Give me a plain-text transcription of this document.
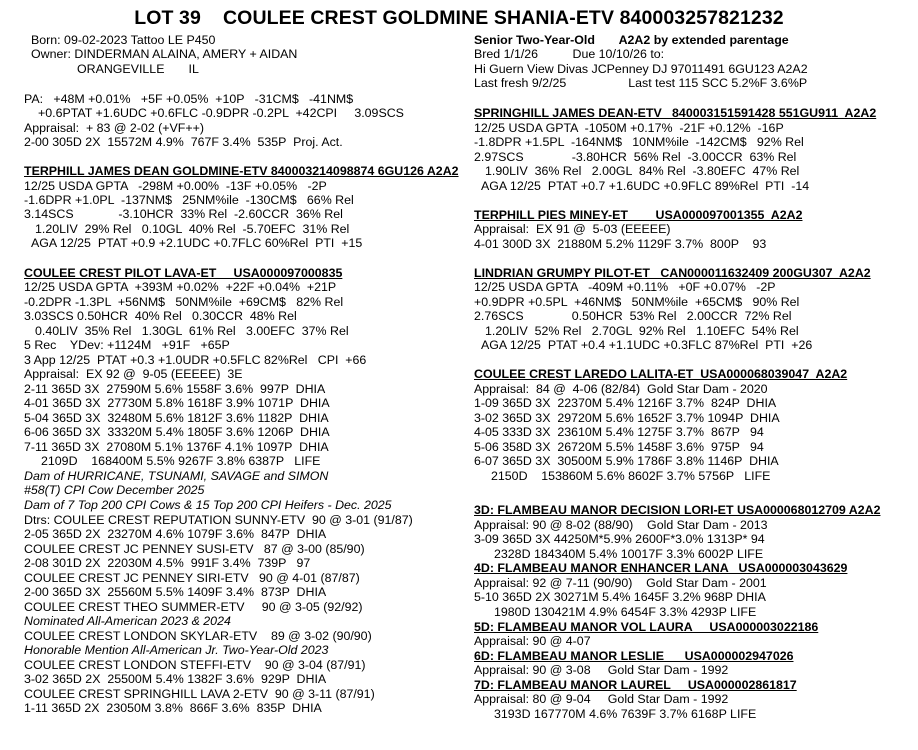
LOT 39    COULEE CREST GOLDMINE SHANIA-ETV 840003257821232
Born: 09-02-2023 Tattoo LE P450
Owner: DINDERMAN ALAINA, AMERY + AIDAN
ORANGEVILLE       IL
PA:   +48M +0.01%   +5F +0.05%  +10P   -31CM$   -41NM$
+0.6PTAT +1.6UDC +0.6FLC -0.9DPR -0.2PL  +42CPI     3.09SCS
Appraisal:  + 83 @ 2-02 (+VF++)
2-00 305D 2X  15572M 4.9%  767F 3.4%  535P  Proj. Act.
TERPHILL JAMES DEAN GOLDMINE-ETV 840003214098874 6GU126 A2A2
12/25 USDA GPTA   -298M +0.00%  -13F +0.05%   -2P
-1.6DPR +1.0PL  -137NM$   25NM%ile  -130CM$   66% Rel
3.14SCS             -3.10HCR  33% Rel  -2.60CCR  36% Rel
1.20LIV  29% Rel   0.10GL  40% Rel  -5.70EFC  31% Rel
AGA 12/25  PTAT +0.9 +2.1UDC +0.7FLC 60%Rel  PTI  +15
COULEE CREST PILOT LAVA-ET     USA000097000835
12/25 USDA GPTA  +393M +0.02%  +22F +0.04%  +21P
-0.2DPR -1.3PL  +56NM$   50NM%ile  +69CM$   82% Rel
3.03SCS 0.50HCR  40% Rel   0.30CCR  48% Rel
0.40LIV  35% Rel   1.30GL  61% Rel   3.00EFC  37% Rel
5 Rec    YDev: +1124M   +91F   +65P
3 App 12/25  PTAT +0.3 +1.0UDR +0.5FLC 82%Rel   CPI  +66
Appraisal:  EX 92 @  9-05 (EEEEE)  3E
2-11 365D 3X  27590M 5.6% 1558F 3.6%  997P  DHIA
4-01 365D 3X  27730M 5.8% 1618F 3.9% 1071P  DHIA
5-04 365D 3X  32480M 5.6% 1812F 3.6% 1182P  DHIA
6-06 365D 3X  33320M 5.4% 1805F 3.6% 1206P  DHIA
7-11 365D 3X  27080M 5.1% 1376F 4.1% 1097P  DHIA
2109D    168400M 5.5% 9267F 3.8% 6387P   LIFE
Dam of HURRICANE, TSUNAMI, SAVAGE and SIMON
#58(T) CPI Cow December 2025
Dam of 7 Top 200 CPI Cows & 15 Top 200 CPI Heifers - Dec. 2025
Dtrs: COULEE CREST REPUTATION SUNNY-ETV  90 @ 3-01 (91/87)
2-05 365D 2X  23270M 4.6% 1079F 3.6%  847P  DHIA
COULEE CREST JC PENNEY SUSI-ETV   87 @ 3-00 (85/90)
2-08 301D 2X  22030M 4.5%  991F 3.4%  739P   97
COULEE CREST JC PENNEY SIRI-ETV   90 @ 4-01 (87/87)
2-00 365D 3X  25560M 5.5% 1409F 3.4%  873P  DHIA
COULEE CREST THEO SUMMER-ETV     90 @ 3-05 (92/92)
Nominated All-American 2023 & 2024
COULEE CREST LONDON SKYLAR-ETV    89 @ 3-02 (90/90)
Honorable Mention All-American Jr. Two-Year-Old 2023
COULEE CREST LONDON STEFFI-ETV    90 @ 3-04 (87/91)
3-02 365D 2X  25500M 5.4% 1382F 3.6%  929P  DHIA
COULEE CREST SPRINGHILL LAVA 2-ETV  90 @ 3-11 (87/91)
1-11 365D 2X  23050M 3.8%  866F 3.6%  835P  DHIA
Senior Two-Year-Old       A2A2 by extended parentage
Bred 1/1/26          Due 10/10/26 to:
Hi Guern View Divas JCPenney DJ 97011491 6GU123 A2A2
Last fresh 9/2/25                  Last test 115 SCC 5.2%F 3.6%P
SPRINGHILL JAMES DEAN-ETV   840003151591428 551GU911  A2A2
12/25 USDA GPTA  -1050M +0.17%  -21F +0.12%  -16P
-1.8DPR +1.5PL  -164NM$   10NM%ile  -142CM$   92% Rel
2.97SCS              -3.80HCR  56% Rel  -3.00CCR  63% Rel
1.90LIV  36% Rel   2.00GL  84% Rel  -3.80EFC  47% Rel
AGA 12/25  PTAT +0.7 +1.6UDC +0.9FLC 89%Rel  PTI  -14
TERPHILL PIES MINEY-ET        USA000097001355  A2A2
Appraisal:  EX 91 @  5-03 (EEEEE)
4-01 300D 3X  21880M 5.2% 1129F 3.7%  800P    93
LINDRIAN GRUMPY PILOT-ET   CAN000011632409 200GU307  A2A2
12/25 USDA GPTA   -409M +0.11%   +0F +0.07%   -2P
+0.9DPR +0.5PL  +46NM$   50NM%ile  +65CM$   90% Rel
2.76SCS              0.50HCR  53% Rel   2.00CCR  72% Rel
1.20LIV  52% Rel   2.70GL  92% Rel   1.10EFC  54% Rel
AGA 12/25  PTAT +0.4 +1.1UDC +0.3FLC 87%Rel  PTI  +26
COULEE CREST LAREDO LALITA-ET  USA000068039047  A2A2
Appraisal:  84 @  4-06 (82/84)  Gold Star Dam - 2020
1-09 365D 3X  22370M 5.4% 1216F 3.7%  824P  DHIA
3-02 365D 3X  29720M 5.6% 1652F 3.7% 1094P  DHIA
4-05 333D 3X  23610M 5.4% 1275F 3.7%  867P   94
5-06 358D 3X  26720M 5.5% 1458F 3.6%  975P   94
6-07 365D 3X  30500M 5.9% 1786F 3.8% 1146P  DHIA
2150D    153860M 5.6% 8602F 3.7% 5756P   LIFE
3D: FLAMBEAU MANOR DECISION LORI-ET USA000068012709 A2A2
Appraisal: 90 @ 8-02 (88/90)    Gold Star Dam - 2013
3-09 365D 3X 44250M*5.9% 2600F*3.0% 1313P* 94
2328D 184340M 5.4% 10017F 3.3% 6002P LIFE
4D: FLAMBEAU MANOR ENHANCER LANA   USA000003043629
Appraisal: 92 @ 7-11 (90/90)    Gold Star Dam - 2001
5-10 365D 2X 30271M 5.4% 1645F 3.2% 968P DHIA
1980D 130421M 4.9% 6454F 3.3% 4293P LIFE
5D: FLAMBEAU MANOR VOL LAURA     USA000003022186
Appraisal: 90 @ 4-07
6D: FLAMBEAU MANOR LESLIE      USA000002947026
Appraisal: 90 @ 3-08     Gold Star Dam - 1992
7D: FLAMBEAU MANOR LAUREL     USA000002861817
Appraisal: 80 @ 9-04     Gold Star Dam - 1992
3193D 167770M 4.6% 7639F 3.7% 6168P LIFE
